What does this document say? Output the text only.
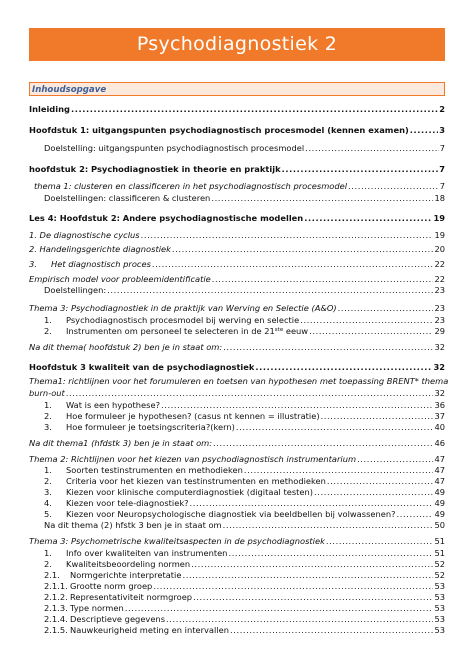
Psychodiagnostiek 2
Inhoudsopgave
Inleiding .....	2
Hoofdstuk 1: uitgangspunten psychodiagnostisch procesmodel (kennen examen) .....	3
Doelstelling: uitgangspunten psychodiagnostisch procesmodel .....	7
hoofdstuk 2: Psychodiagnostiek in theorie en praktijk .....	7
thema 1: clusteren en classificeren in het psychodiagnostisch procesmodel .....	7
Doelstellingen: classificeren & clusteren .....	18
Les 4: Hoofdstuk 2: Andere psychodiagnostische modellen .....	19
1. De diagnostische cyclus .....	19
2. Handelingsgerichte diagnostiek .....	20
3. Het diagnostisch proces .....	22
Empirisch model voor probleemidentificatie .....	22
Doelstellingen: .....	23
Thema 3: Psychodiagnostiek in de praktijk van Werving en Selectie (A&O) .....	23
1. Psychodiagnostisch procesmodel bij werving en selectie .....	23
2. Instrumenten om personeel te selecteren in de 21ste eeuw .....	29
Na dit thema( hoofdstuk 2) ben je in staat om: .....	32
Hoofdstuk 3 kwaliteit van de psychodiagnostiek .....	32
Thema1: richtlijnen voor het forumuleren en toetsen van hypothesen met toepassing BRENT* thema
burn-out .....	32
1. Wat is een hypothese? .....	36
2. Hoe formuleer je hypothesen? (casus nt kennen = illustratie) .....	37
3. Hoe formuleer je toetsingscriteria?(kern) .....	40
Na dit thema1 (hfdstk 3) ben je in staat om: .....	46
Thema 2: Richtlijnen voor het kiezen van psychodiagnostisch instrumentarium .....	47
1. Soorten testinstrumenten en methodieken .....	47
2. Criteria voor het kiezen van testinstrumenten en methodieken .....	47
3. Kiezen voor klinische computerdiagnostiek (digitaal testen) .....	49
4. Kiezen voor tele-diagnostiek? .....	49
5. Kiezen voor Neuropsychologische diagnostiek via beeldbellen bij volwassenen? .....	49
Na dit thema (2) hfstk 3 ben je in staat om .....	50
Thema 3: Psychometrische kwaliteitsaspecten in de psychodiagnostiek .....	51
1. Info over kwaliteiten van instrumenten .....	51
2. Kwaliteitsbeoordeling normen .....	52
2.1. Normgerichte interpretatie .....	52
2.1.1. Grootte norm groep .....	53
2.1.2. Representativiteit normgroep .....	53
2.1.3. Type normen .....	53
2.1.4. Descriptieve gegevens .....	53
2.1.5. Nauwkeurigheid meting en intervallen .....	53
